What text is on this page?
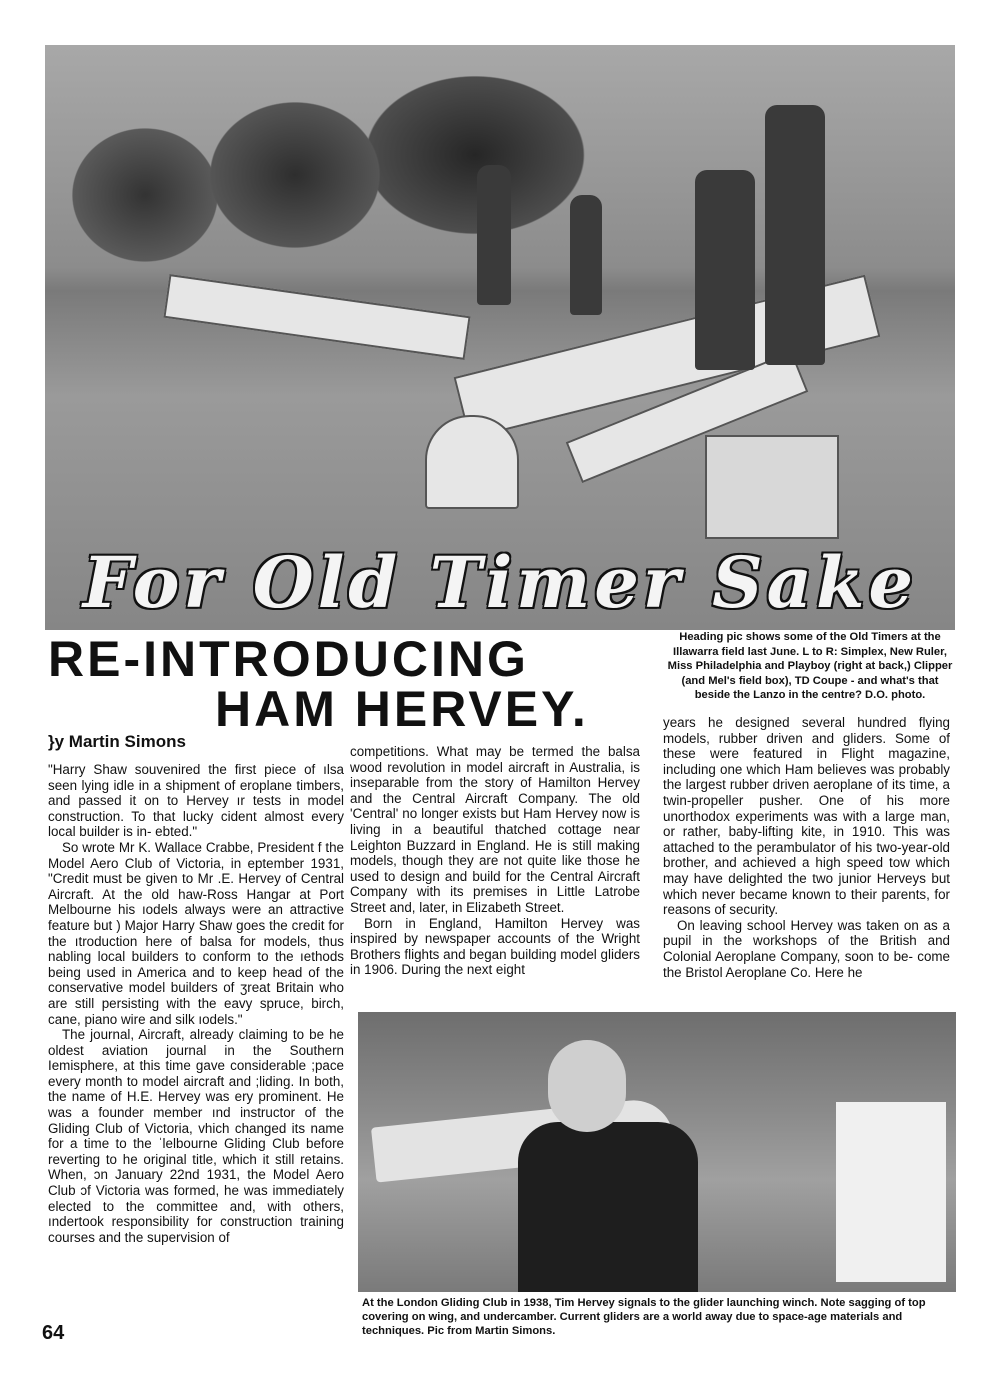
For Old Timer Sake
RE-INTRODUCING
HAM HERVEY.
}y Martin Simons
Heading pic shows some of the Old Timers at the Illawarra field last June. L to R: Simplex, New Ruler, Miss Philadelphia and Playboy (right at back,) Clipper (and Mel's field box), TD Coupe - and what's that beside the Lanzo in the centre? D.O. photo.

"Harry Shaw souvenired the first piece of ılsa seen lying idle in a shipment of eroplane timbers, and passed it on to Hervey ır tests in model construction. To that lucky cident almost every local builder is in- ebted."

So wrote Mr K. Wallace Crabbe, President f the Model Aero Club of Victoria, in eptember 1931, "Credit must be given to Mr .E. Hervey of Central Aircraft. At the old haw-Ross Hangar at Port Melbourne his ıodels always were an attractive feature but ) Major Harry Shaw goes the credit for the ıtroduction here of balsa for models, thus nabling local builders to conform to the ıethods being used in America and to keep head of the conservative model builders of ʒreat Britain who are still persisting with the eavy spruce, birch, cane, piano wire and silk ıodels."

The journal, Aircraft, already claiming to be he oldest aviation journal in the Southern Iemisphere, at this time gave considerable ;pace every month to model aircraft and ;liding. In both, the name of H.E. Hervey was ery prominent. He was a founder member ınd instructor of the Gliding Club of Victoria, vhich changed its name for a time to the ˈlelbourne Gliding Club before reverting to he original title, which it still retains. When, ɔn January 22nd 1931, the Model Aero Club ɔf Victoria was formed, he was immediately elected to the committee and, with others, ındertook responsibility for construction training courses and the supervision of

competitions. What may be termed the balsa wood revolution in model aircraft in Australia, is inseparable from the story of Hamilton Hervey and the Central Aircraft Company. The old 'Central' no longer exists but Ham Hervey now is living in a beautiful thatched cottage near Leighton Buzzard in England. He is still making models, though they are not quite like those he used to design and build for the Central Aircraft Company with its premises in Little Latrobe Street and, later, in Elizabeth Street.

Born in England, Hamilton Hervey was inspired by newspaper accounts of the Wright Brothers flights and began building model gliders in 1906. During the next eight

years he designed several hundred flying models, rubber driven and gliders. Some of these were featured in Flight magazine, including one which Ham believes was probably the largest rubber driven aeroplane of its time, a twin-propeller pusher. One of his more unorthodox experiments was with a large man, or rather, baby-lifting kite, in 1910. This was attached to the perambulator of his two-year-old brother, and achieved a high speed tow which may have delighted the two junior Herveys but which never became known to their parents, for reasons of security.

On leaving school Hervey was taken on as a pupil in the workshops of the British and Colonial Aeroplane Company, soon to be- come the Bristol Aeroplane Co. Here he

At the London Gliding Club in 1938, Tim Hervey signals to the glider launching winch. Note sagging of top covering on wing, and undercamber. Current gliders are a world away due to space-age materials and techniques. Pic from Martin Simons.
64
